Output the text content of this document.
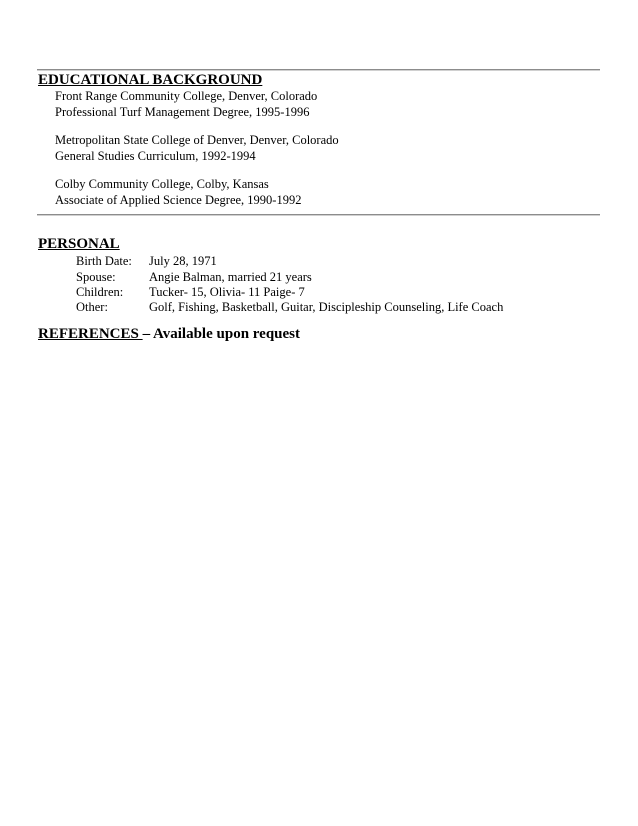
EDUCATIONAL BACKGROUND
Front Range Community College, Denver, Colorado
Professional Turf Management Degree, 1995-1996
Metropolitan State College of Denver, Denver, Colorado
General Studies Curriculum, 1992-1994
Colby Community College, Colby, Kansas
Associate of Applied Science Degree, 1990-1992
PERSONAL
Birth Date: July 28, 1971
Spouse:	Angie Balman, married 21 years
Children: Tucker- 15, Olivia- 11 Paige- 7
Other:	Golf, Fishing, Basketball, Guitar, Discipleship Counseling, Life Coach
REFERENCES – Available upon request
